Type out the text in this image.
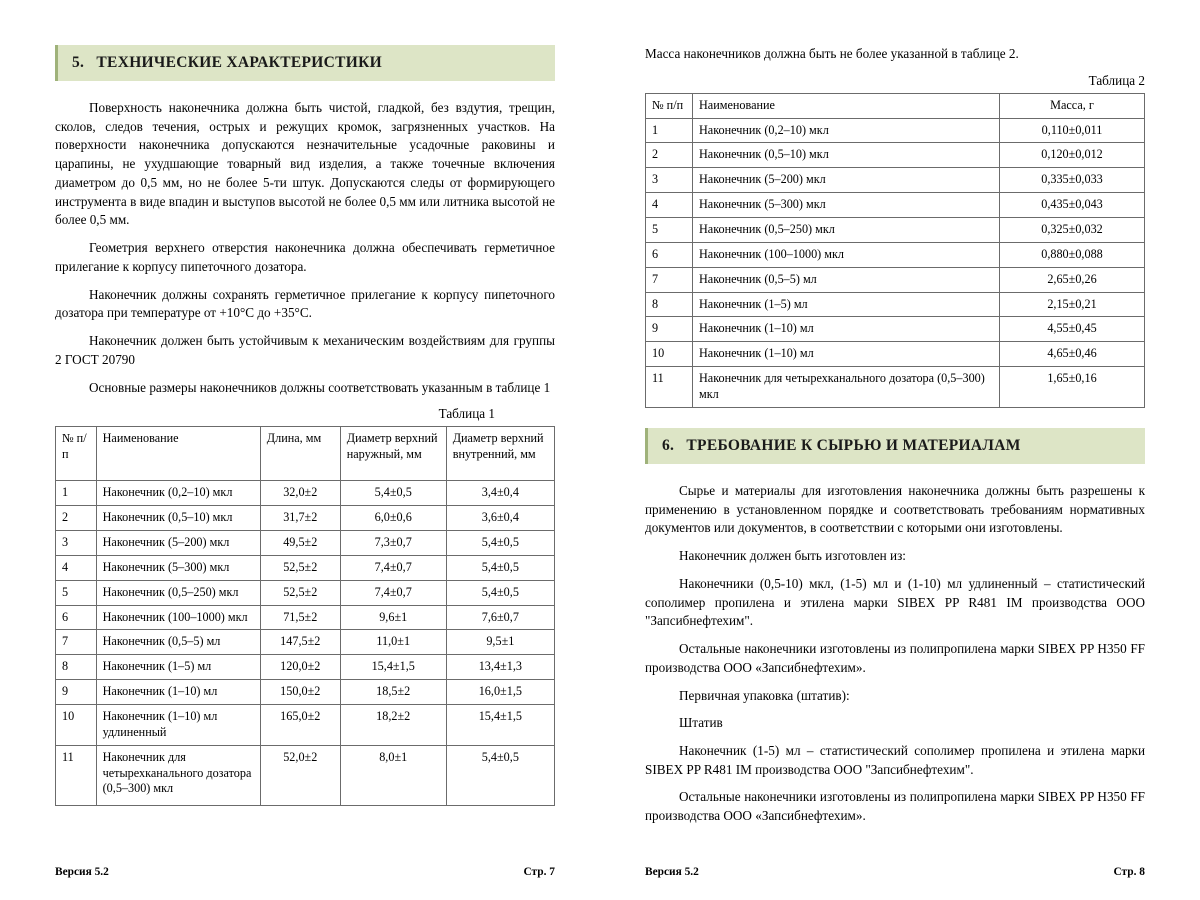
5. ТЕХНИЧЕСКИЕ ХАРАКТЕРИСТИКИ

Поверхность наконечника должна быть чистой, гладкой, без вздутия, трещин, сколов, следов течения, острых и режущих кромок, загрязненных участков. На поверхности наконечника допускаются незначительные усадочные раковины и царапины, не ухудшающие товарный вид изделия, а также точечные включения диаметром до 0,5 мм, но не более 5-ти штук. Допускаются следы от формирующего инструмента в виде впадин и выступов высотой не более 0,5 мм или литника высотой не более 0,5 мм.

Геометрия верхнего отверстия наконечника должна обеспечивать герметичное прилегание к корпусу пипеточного дозатора.

Наконечник должны сохранять герметичное прилегание к корпусу пипеточного дозатора при температуре от +10°С до +35°С.

Наконечник должен быть устойчивым к механическим воздействиям для группы 2 ГОСТ 20790

Основные размеры наконечников должны соответствовать указанным в таблице 1

Таблица 1
№ п/п	Наименование	Длина, мм	Диаметр верхний наружный, мм	Диаметр верхний внутренний, мм
1	Наконечник (0,2–10) мкл	32,0±2	5,4±0,5	3,4±0,4
2	Наконечник (0,5–10) мкл	31,7±2	6,0±0,6	3,6±0,4
3	Наконечник (5–200) мкл	49,5±2	7,3±0,7	5,4±0,5
4	Наконечник (5–300) мкл	52,5±2	7,4±0,7	5,4±0,5
5	Наконечник (0,5–250) мкл	52,5±2	7,4±0,7	5,4±0,5
6	Наконечник (100–1000) мкл	71,5±2	9,6±1	7,6±0,7
7	Наконечник (0,5–5) мл	147,5±2	11,0±1	9,5±1
8	Наконечник (1–5) мл	120,0±2	15,4±1,5	13,4±1,3
9	Наконечник (1–10) мл	150,0±2	18,5±2	16,0±1,5
10	Наконечник (1–10) мл удлиненный	165,0±2	18,2±2	15,4±1,5
11	Наконечник для четырехканального дозатора (0,5–300) мкл	52,0±2	8,0±1	5,4±0,5
Версия 5.2	Стр. 7

Масса наконечников должна быть не более указанной в таблице 2.

Таблица 2
№ п/п	Наименование	Масса, г
1	Наконечник (0,2–10) мкл	0,110±0,011
2	Наконечник (0,5–10) мкл	0,120±0,012
3	Наконечник (5–200) мкл	0,335±0,033
4	Наконечник (5–300) мкл	0,435±0,043
5	Наконечник (0,5–250) мкл	0,325±0,032
6	Наконечник (100–1000) мкл	0,880±0,088
7	Наконечник (0,5–5) мл	2,65±0,26
8	Наконечник (1–5) мл	2,15±0,21
9	Наконечник (1–10) мл	4,55±0,45
10	Наконечник (1–10) мл	4,65±0,46
11	Наконечник для четырехканального дозатора (0,5–300) мкл	1,65±0,16
6. ТРЕБОВАНИЕ К СЫРЬЮ И МАТЕРИАЛАМ

Сырье и материалы для изготовления наконечника должны быть разрешены к применению в установленном порядке и соответствовать требованиям нормативных документов или документов, в соответствии с которыми они изготовлены.

Наконечник должен быть изготовлен из:

Наконечники (0,5-10) мкл, (1-5) мл и (1-10) мл удлиненный – статистический сополимер пропилена и этилена марки SIBEX PP R481 IM производства ООО "Запсибнефтехим".

Остальные наконечники изготовлены из полипропилена марки SIBEX PP H350 FF производства ООО «Запсибнефтехим».

Первичная упаковка (штатив):

Штатив

Наконечник (1-5) мл – статистический сополимер пропилена и этилена марки SIBEX PP R481 IM производства ООО "Запсибнефтехим".

Остальные наконечники изготовлены из полипропилена марки SIBEX PP H350 FF производства ООО «Запсибнефтехим».

Версия 5.2	Стр. 8
